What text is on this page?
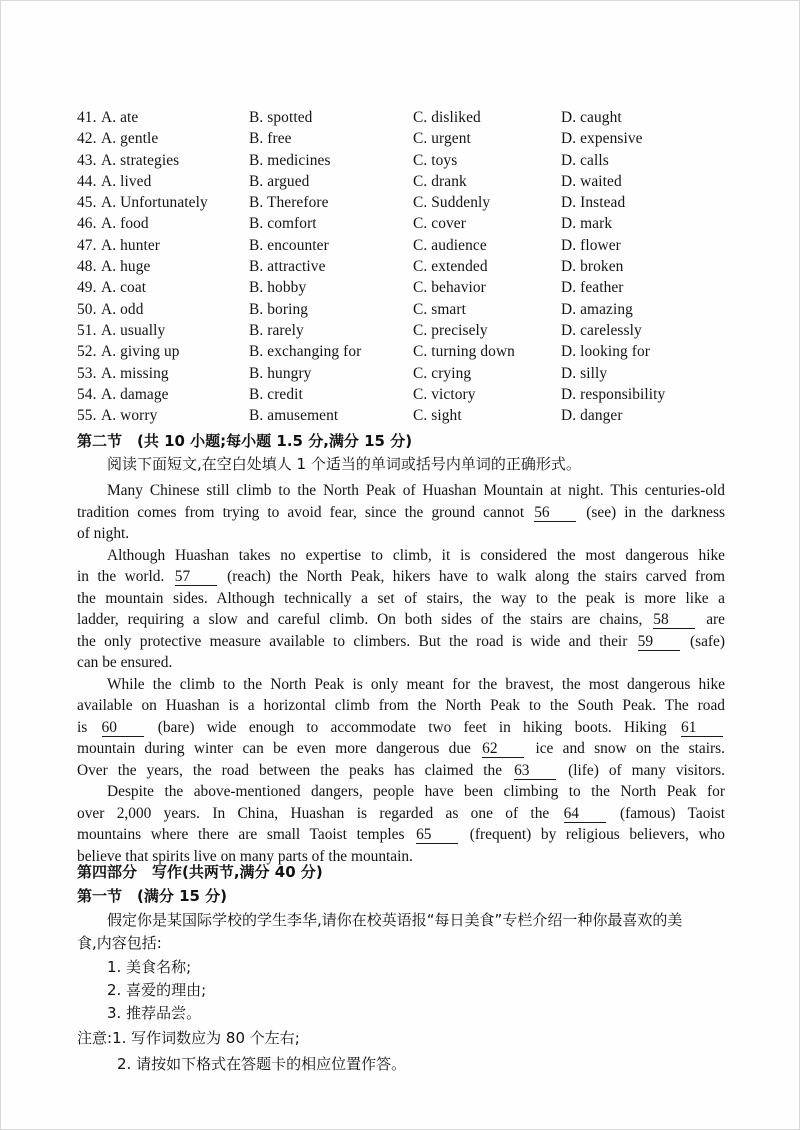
41. A. ate	B. spotted	C. disliked	D. caught
42. A. gentle	B. free	C. urgent	D. expensive
43. A. strategies	B. medicines	C. toys	D. calls
44. A. lived	B. argued	C. drank	D. waited
45. A. Unfortunately	B. Therefore	C. Suddenly	D. Instead
46. A. food	B. comfort	C. cover	D. mark
47. A. hunter	B. encounter	C. audience	D. flower
48. A. huge	B. attractive	C. extended	D. broken
49. A. coat	B. hobby	C. behavior	D. feather
50. A. odd	B. boring	C. smart	D. amazing
51. A. usually	B. rarely	C. precisely	D. carelessly
52. A. giving up	B. exchanging for	C. turning down	D. looking for
53. A. missing	B. hungry	C. crying	D. silly
54. A. damage	B. credit	C. victory	D. responsibility
55. A. worry	B. amusement	C. sight	D. danger
第二节　(共 10 小题;每小题 1.5 分,满分 15 分)
阅读下面短文,在空白处填人 1 个适当的单词或括号内单词的正确形式。
Many Chinese still climb to the North Peak of Huashan Mountain at night. This centuries-old
tradition comes from trying to avoid fear, since the ground cannot 56 (see) in the darkness
of night.
Although Huashan takes no expertise to climb, it is considered the most dangerous hike
in the world. 57 (reach) the North Peak, hikers have to walk along the stairs carved from
the mountain sides. Although technically a set of stairs, the way to the peak is more like a
ladder, requiring a slow and careful climb. On both sides of the stairs are chains, 58 are
the only protective measure available to climbers. But the road is wide and their 59 (safe)
can be ensured.
While the climb to the North Peak is only meant for the bravest, the most dangerous hike
available on Huashan is a horizontal climb from the North Peak to the South Peak. The road
is 60	(bare) wide enough to accommodate two feet in hiking boots. Hiking 61
mountain during winter can be even more dangerous due 62 ice and snow on the stairs.
Over the years, the road between the peaks has claimed the 63	(life) of many visitors.
Despite the above-mentioned dangers, people have been climbing to the North Peak for
over 2,000 years. In China, Huashan is regarded as one of the 64	(famous) Taoist
mountains where there are small Taoist temples 65 (frequent) by religious believers, who
believe that spirits live on many parts of the mountain.
第四部分　写作(共两节,满分 40 分)
第一节　(满分 15 分)
假定你是某国际学校的学生李华,请你在校英语报“每日美食”专栏介绍一种你最喜欢的美
食,内容包括:
1. 美食名称;
2. 喜爱的理由;
3. 推荐品尝。
注意:1. 写作词数应为 80 个左右;
2. 请按如下格式在答题卡的相应位置作答。
